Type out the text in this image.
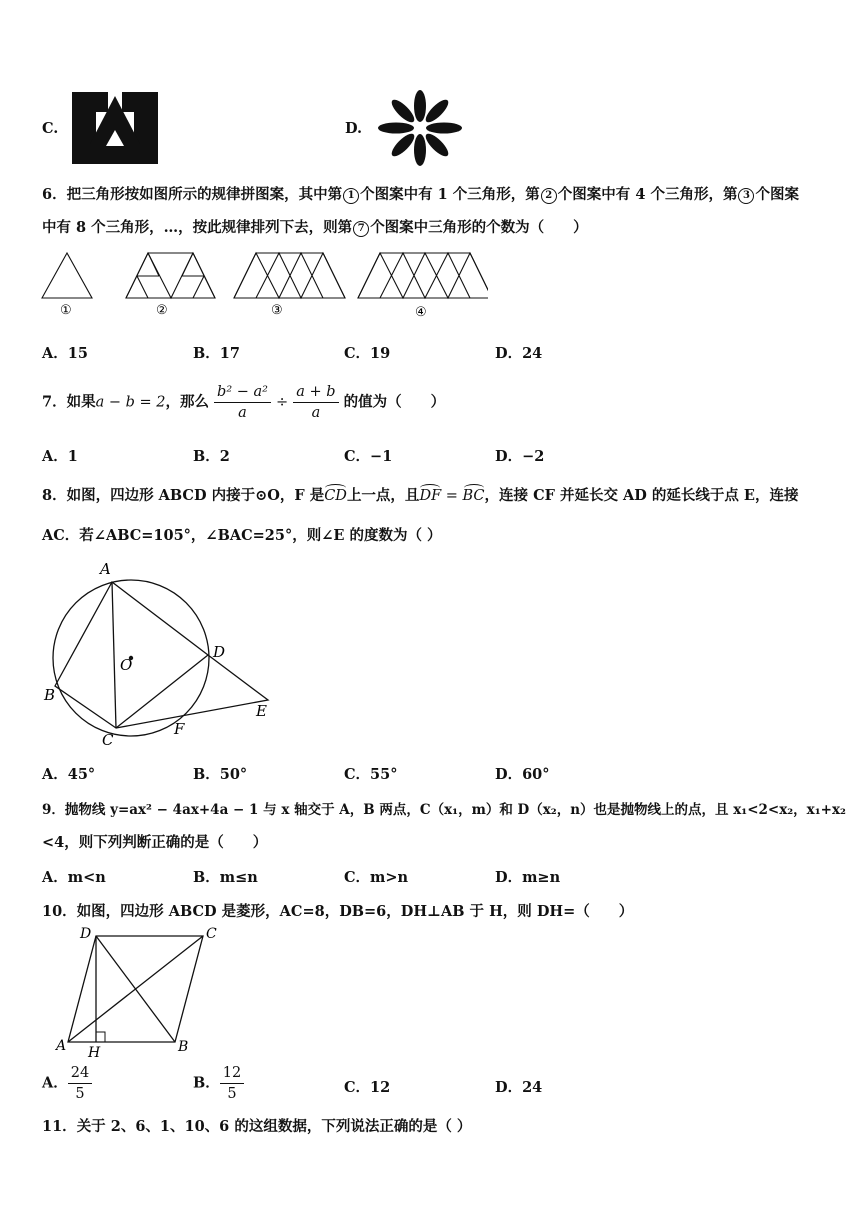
C.	D.
6．把三角形按如图所示的规律拼图案，其中第 1 个图案中有 1 个三角形，第 2 个图案中有 4 个三角形，第 3 个图案
中有 8 个三角形，…，按此规律排列下去，则第 7 个图案中三角形的个数为（　　）
①	②	③	④
A．15	B．17	C．19	D．24
7．如果a − b = 2，那么 $\frac{\text{b² − a²}}{a} \div \frac{a + b}{a}$ 的值为（　　）
A．1	B．2	C．−1	D．−2
8．如图，四边形 ABCD 内接于⊙O，F 是CD上一点，且DF = BC，连接 CF 并延长交 AD 的延长线于点 E，连接
AC．若∠ABC=105°，∠BAC=25°，则∠E 的度数为（ ）
A
B
C
D
E
F
O
A．45°	B．50°	C．55°	D．60°
9．抛物线 y=ax² − 4ax+4a − 1 与 x 轴交于 A，B 两点，C（x₁，m）和 D（x₂，n）也是抛物线上的点，且 x₁<2<x₂，x₁+x₂
<4，则下列判断正确的是（　　）
A．m<n	B．m≤n	C．m>n	D．m≥n
10．如图，四边形 ABCD 是菱形，AC=8，DB=6，DH⊥AB 于 H，则 DH=（　　）
D	C
A	B
H
A． $\frac{24}{5}$	B． $\frac{12}{5}$	C．12	D．24
11．关于 2、6、1、10、6 的这组数据，下列说法正确的是（ ）
